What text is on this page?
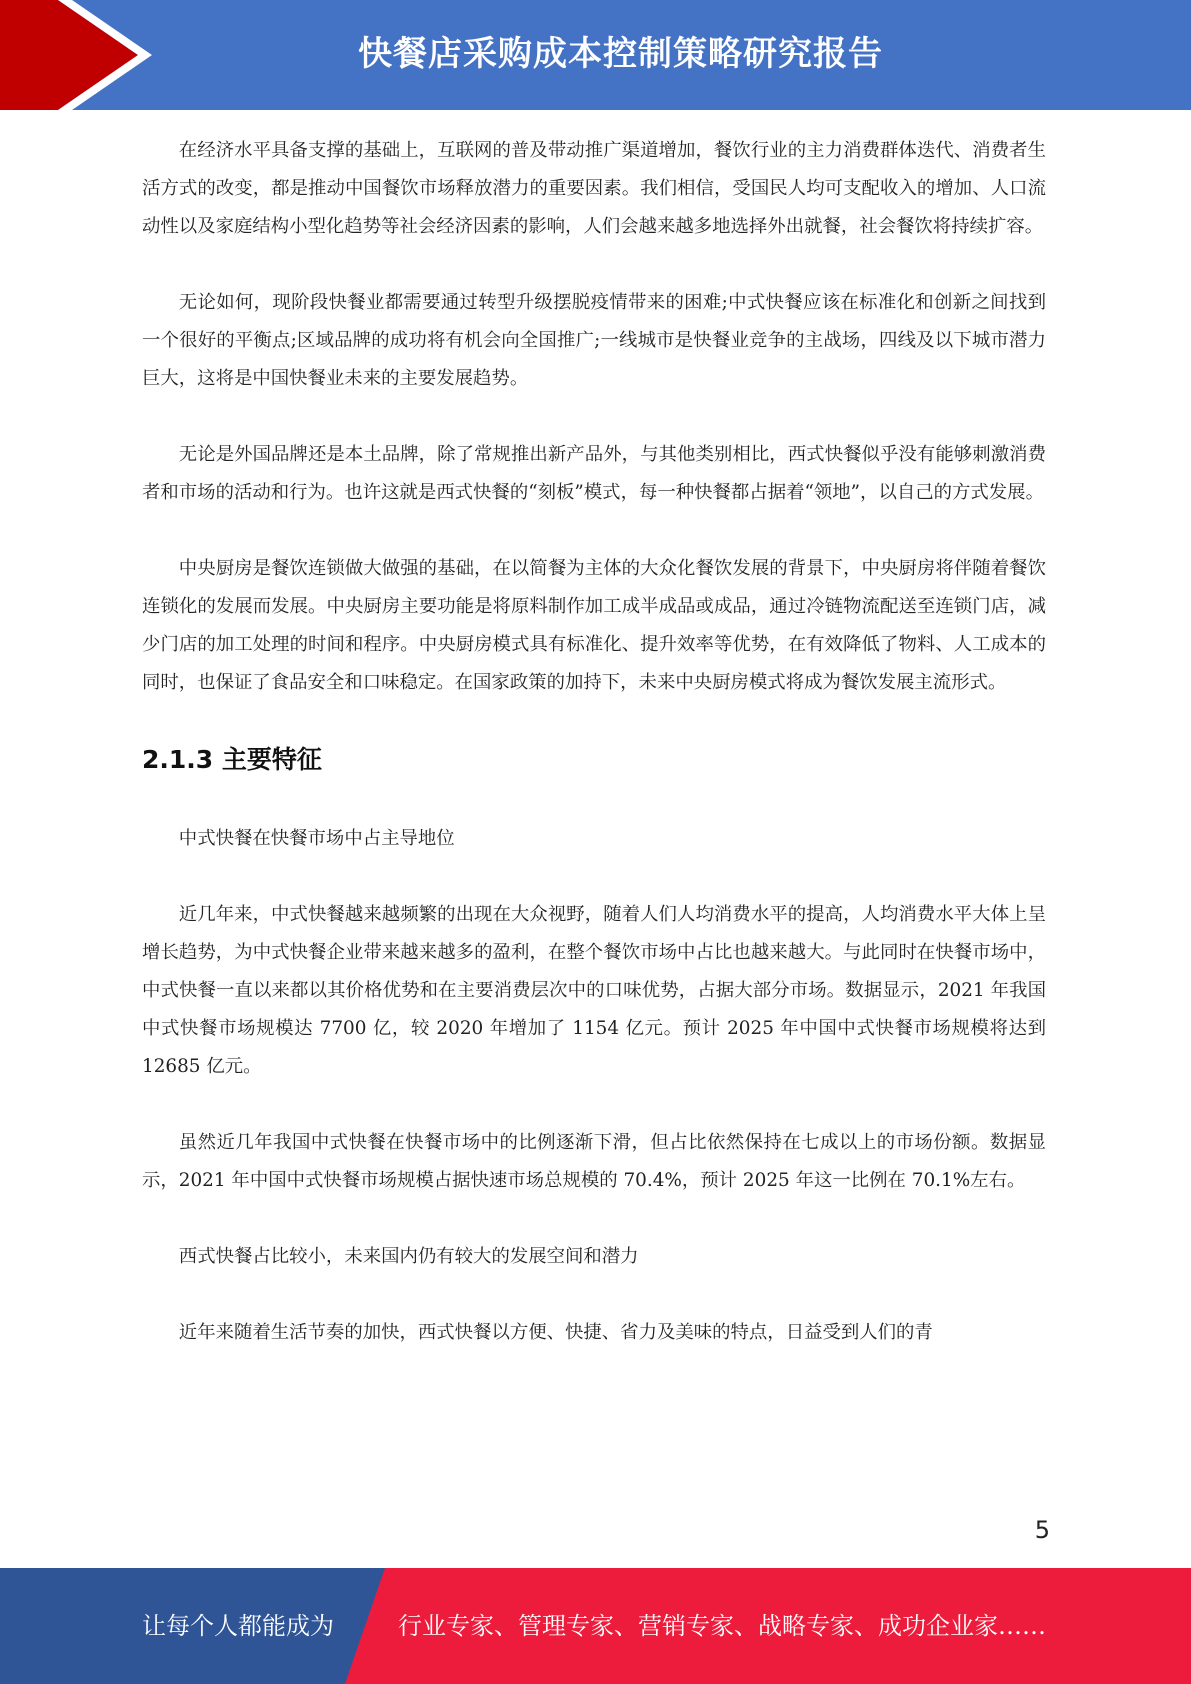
快餐店采购成本控制策略研究报告

在经济水平具备支撑的基础上，互联网的普及带动推广渠道增加，餐饮行业的主力消费群体迭代、消费者生活方式的改变，都是推动中国餐饮市场释放潜力的重要因素。我们相信，受国民人均可支配收入的增加、人口流动性以及家庭结构小型化趋势等社会经济因素的影响，人们会越来越多地选择外出就餐，社会餐饮将持续扩容。

无论如何，现阶段快餐业都需要通过转型升级摆脱疫情带来的困难;中式快餐应该在标准化和创新之间找到一个很好的平衡点;区域品牌的成功将有机会向全国推广;一线城市是快餐业竞争的主战场，四线及以下城市潜力巨大，这将是中国快餐业未来的主要发展趋势。

无论是外国品牌还是本土品牌，除了常规推出新产品外，与其他类别相比，西式快餐似乎没有能够刺激消费者和市场的活动和行为。也许这就是西式快餐的“刻板”模式，每一种快餐都占据着“领地”，以自己的方式发展。

中央厨房是餐饮连锁做大做强的基础，在以简餐为主体的大众化餐饮发展的背景下，中央厨房将伴随着餐饮连锁化的发展而发展。中央厨房主要功能是将原料制作加工成半成品或成品，通过冷链物流配送至连锁门店，减少门店的加工处理的时间和程序。中央厨房模式具有标准化、提升效率等优势，在有效降低了物料、人工成本的同时，也保证了食品安全和口味稳定。在国家政策的加持下，未来中央厨房模式将成为餐饮发展主流形式。

2.1.3 主要特征

中式快餐在快餐市场中占主导地位

近几年来，中式快餐越来越频繁的出现在大众视野，随着人们人均消费水平的提高，人均消费水平大体上呈增长趋势，为中式快餐企业带来越来越多的盈利，在整个餐饮市场中占比也越来越大。与此同时在快餐市场中，中式快餐一直以来都以其价格优势和在主要消费层次中的口味优势，占据大部分市场。数据显示，2021 年我国中式快餐市场规模达 7700 亿，较 2020 年增加了 1154 亿元。预计 2025 年中国中式快餐市场规模将达到 12685 亿元。

虽然近几年我国中式快餐在快餐市场中的比例逐渐下滑，但占比依然保持在七成以上的市场份额。数据显示，2021 年中国中式快餐市场规模占据快速市场总规模的 70.4%，预计 2025 年这一比例在 70.1%左右。

西式快餐占比较小，未来国内仍有较大的发展空间和潜力

近年来随着生活节奏的加快，西式快餐以方便、快捷、省力及美味的特点，日益受到人们的青

5
让每个人都能成为	行业专家、管理专家、营销专家、战略专家、成功企业家……
